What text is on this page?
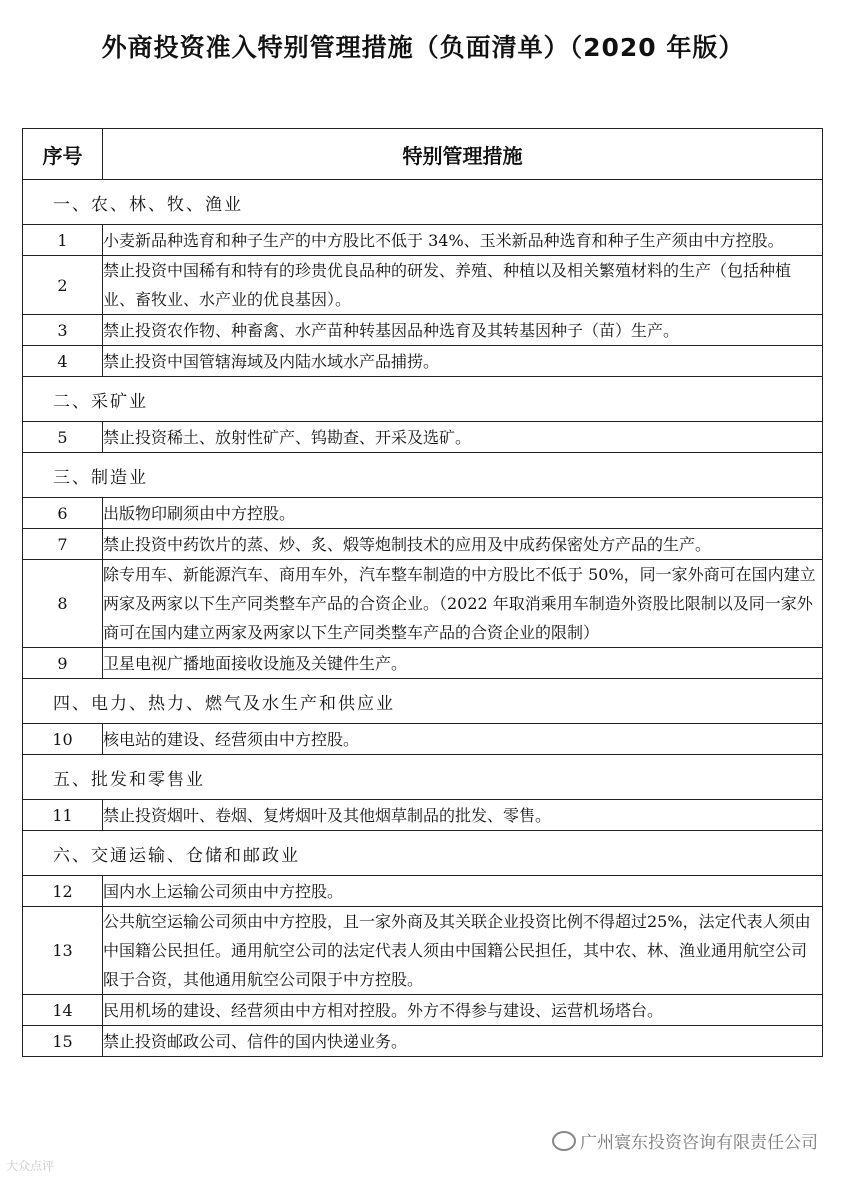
外商投资准入特别管理措施（负面清单）（2020 年版）
序号	特别管理措施
一、农、林、牧、渔业	
1	小麦新品种选育和种子生产的中方股比不低于 34%、玉米新品种选育和种子生产须由中方控股。
2	禁止投资中国稀有和特有的珍贵优良品种的研发、养殖、种植以及相关繁殖材料的生产（包括种植业、畜牧业、水产业的优良基因）。
3	禁止投资农作物、种畜禽、水产苗种转基因品种选育及其转基因种子（苗）生产。
4	禁止投资中国管辖海域及内陆水域水产品捕捞。
二、采矿业	
5	禁止投资稀土、放射性矿产、钨勘查、开采及选矿。
三、制造业	
6	出版物印刷须由中方控股。
7	禁止投资中药饮片的蒸、炒、炙、煅等炮制技术的应用及中成药保密处方产品的生产。
8	除专用车、新能源汽车、商用车外，汽车整车制造的中方股比不低于 50%，同一家外商可在国内建立两家及两家以下生产同类整车产品的合资企业。（2022 年取消乘用车制造外资股比限制以及同一家外商可在国内建立两家及两家以下生产同类整车产品的合资企业的限制）
9	卫星电视广播地面接收设施及关键件生产。
四、电力、热力、燃气及水生产和供应业	
10	核电站的建设、经营须由中方控股。
五、批发和零售业	
11	禁止投资烟叶、卷烟、复烤烟叶及其他烟草制品的批发、零售。
六、交通运输、仓储和邮政业	
12	国内水上运输公司须由中方控股。
13	公共航空运输公司须由中方控股，且一家外商及其关联企业投资比例不得超过25%，法定代表人须由中国籍公民担任。通用航空公司的法定代表人须由中国籍公民担任，其中农、林、渔业通用航空公司限于合资，其他通用航空公司限于中方控股。
14	民用机场的建设、经营须由中方相对控股。外方不得参与建设、运营机场塔台。
15	禁止投资邮政公司、信件的国内快递业务。
广州寰东投资咨询有限责任公司
大众点评
